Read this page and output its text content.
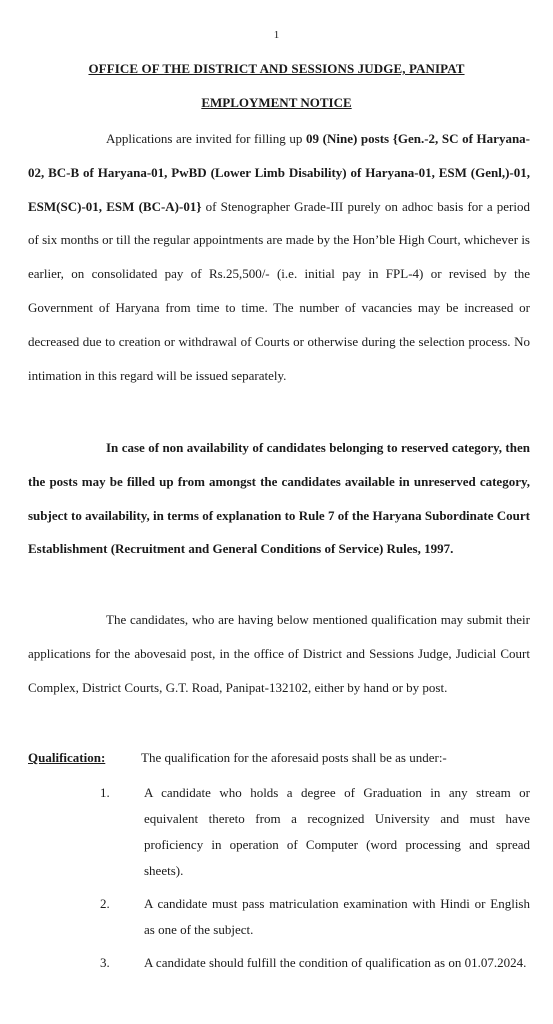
1
OFFICE OF THE DISTRICT AND SESSIONS JUDGE, PANIPAT
EMPLOYMENT NOTICE

Applications are invited for filling up 09 (Nine) posts {Gen.-2, SC of Haryana-02, BC-B of Haryana-01, PwBD (Lower Limb Disability) of Haryana-01, ESM (Genl,)-01, ESM(SC)-01, ESM (BC-A)-01} of Stenographer Grade-III purely on adhoc basis for a period of six months or till the regular appointments are made by the Hon’ble High Court, whichever is earlier, on consolidated pay of Rs.25,500/- (i.e. initial pay in FPL-4) or revised by the Government of Haryana from time to time. The number of vacancies may be increased or decreased due to creation or withdrawal of Courts or otherwise during the selection process. No intimation in this regard will be issued separately.

In case of non availability of candidates belonging to reserved category, then the posts may be filled up from amongst the candidates available in unreserved category, subject to availability, in terms of explanation to Rule 7 of the Haryana Subordinate Court Establishment (Recruitment and General Conditions of Service) Rules, 1997.

The candidates, who are having below mentioned qualification may submit their applications for the abovesaid post, in the office of District and Sessions Judge, Judicial Court Complex, District Courts, G.T. Road, Panipat-132102, either by hand or by post.

Qualification:	The qualification for the aforesaid posts shall be as under:-
1.	A candidate who holds a degree of Graduation in any stream or equivalent thereto from a recognized University and must have proficiency in operation of Computer (word processing and spread sheets).
2.	A candidate must pass matriculation examination with Hindi or English as one of the subject.
3.	A candidate should fulfill the condition of qualification as on 01.07.2024.
